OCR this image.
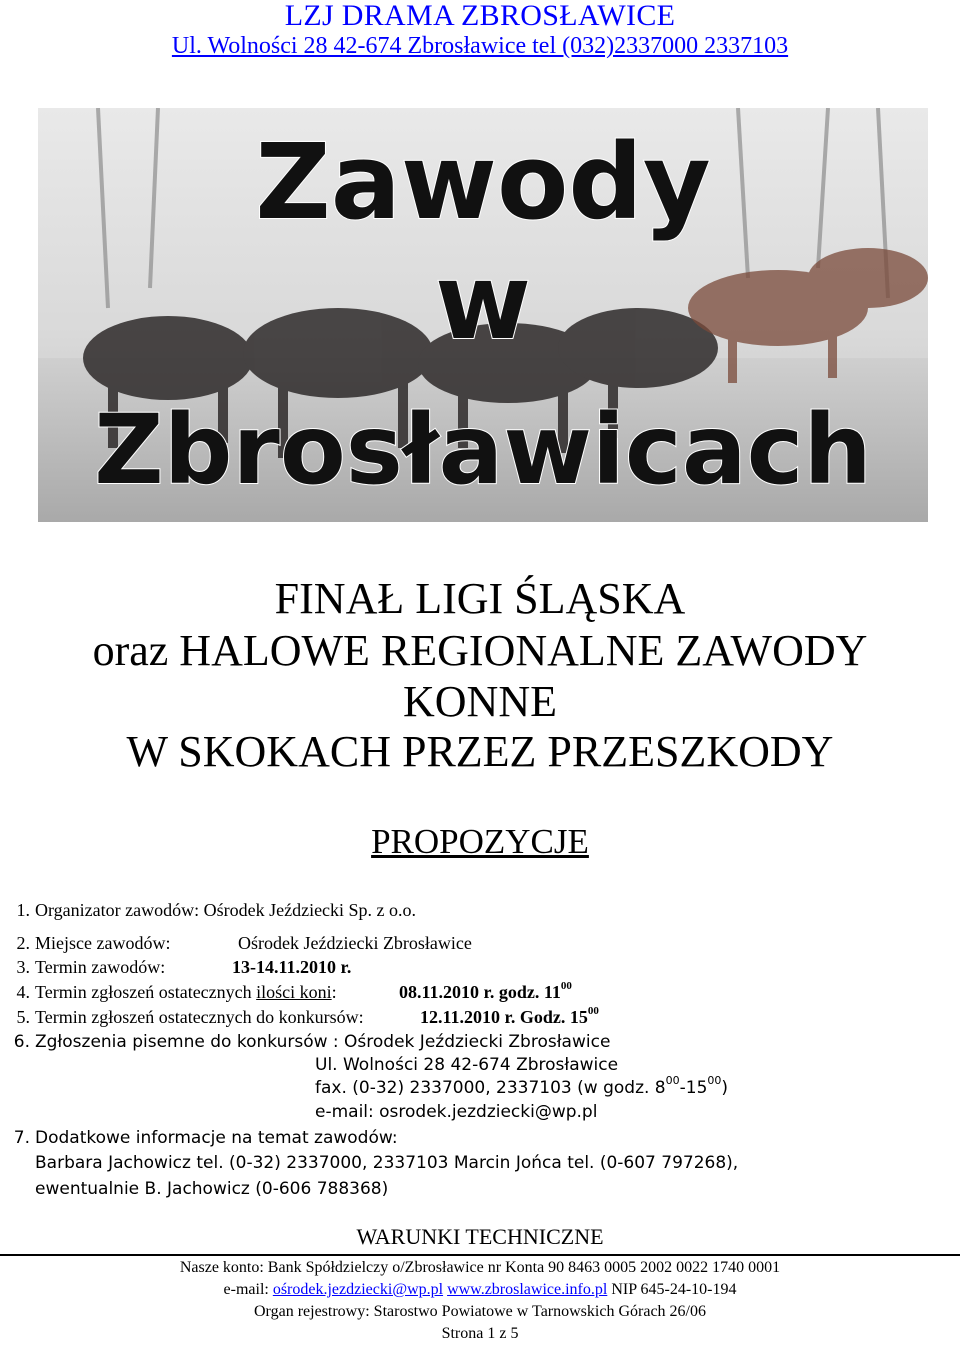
LZJ DRAMA ZBROSŁAWICE
Ul. Wolności 28 42-674 Zbrosławice tel (032)2337000 2337103
Zawody
w
Zbrosławicach
FINAŁ LIGI ŚLĄSKA
oraz HALOWE REGIONALNE ZAWODY
KONNE
W SKOKACH PRZEZ PRZESZKODY
PROPOZYCJE
1. Organizator zawodów: Ośrodek Jeździecki Sp. z o.o.
2. Miejsce zawodów:	Ośrodek Jeździecki Zbrosławice
3. Termin zawodów:	13-14.11.2010 r.
4. Termin zgłoszeń ostatecznych ilości koni:	08.11.2010 r. godz. $11^{00}$
5. Termin zgłoszeń ostatecznych do konkursów:	12.11.2010 r. Godz. $15^{00}$
6. Zgłoszenia pisemne do konkursów : Ośrodek Jeździecki Zbrosławice
Ul. Wolności 28 42-674 Zbrosławice
fax. (0-32) 2337000, 2337103 (w godz. $8^{00}-15^{00}$)
e-mail: osrodek.jezdziecki@wp.pl
7. Dodatkowe informacje na temat zawodów:
Barbara Jachowicz tel. (0-32) 2337000, 2337103 Marcin Jońca tel. (0-607 797268),
ewentualnie B. Jachowicz (0-606 788368)
WARUNKI TECHNICZNE
Nasze konto: Bank Spółdzielczy o/Zbrosławice nr Konta 90 8463 0005 2002 0022 1740 0001
e-mail: ośrodek.jezdziecki@wp.pl www.zbroslawice.info.pl NIP 645-24-10-194
Organ rejestrowy: Starostwo Powiatowe w Tarnowskich Górach 26/06
Strona 1 z 5
